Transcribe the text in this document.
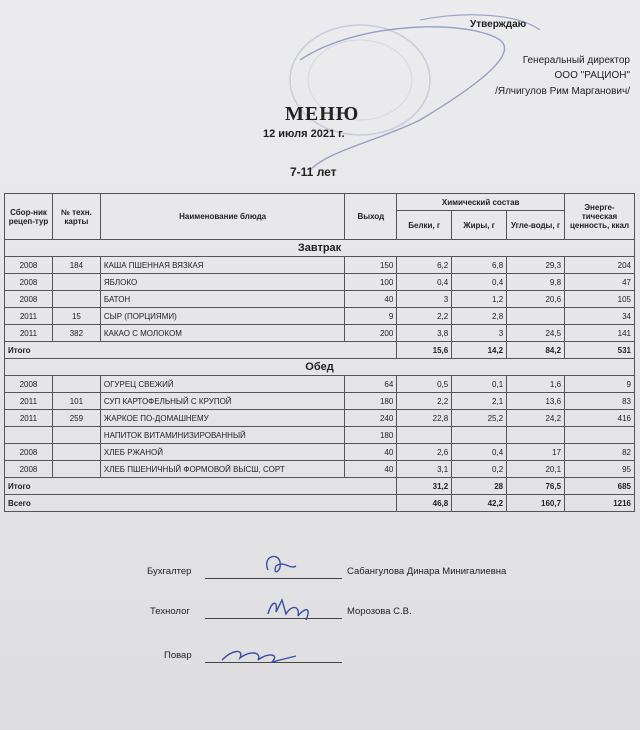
Утверждаю
Генеральный директор
ООО "РАЦИОН"
/Ялчигулов Рим Марганович/
МЕНЮ
12 июля 2021 г.
7-11 лет
Сбор-ник рецеп-тур	№ техн. карты	Наименование блюда	Выход	Химический состав			Энерге-тическая ценность, ккал
				Белки, г	Жиры, г	Угле-воды, г	
Завтрак							
2008	184	КАША ПШЕННАЯ ВЯЗКАЯ	150	6,2	6,8	29,3	204
2008		ЯБЛОКО	100	0,4	0,4	9,8	47
2008		БАТОН	40	3	1,2	20,6	105
2011	15	СЫР (ПОРЦИЯМИ)	9	2,2	2,8		34
2011	382	КАКАО С МОЛОКОМ	200	3,8	3	24,5	141
Итого				15,6	14,2	84,2	531
Обед							
2008		ОГУРЕЦ СВЕЖИЙ	64	0,5	0,1	1,6	9
2011	101	СУП КАРТОФЕЛЬНЫЙ С КРУПОЙ	180	2,2	2,1	13,6	83
2011	259	ЖАРКОЕ ПО-ДОМАШНЕМУ	240	22,8	25,2	24,2	416
		НАПИТОК ВИТАМИНИЗИРОВАННЫЙ	180				
2008		ХЛЕБ РЖАНОЙ	40	2,6	0,4	17	82
2008		ХЛЕБ ПШЕНИЧНЫЙ ФОРМОВОЙ ВЫСШ, СОРТ	40	3,1	0,2	20,1	95
Итого				31,2	28	76,5	685
Всего				46,8	42,2	160,7	1216
Бухгалтер	Сабангулова Динара Минигалиевна
Технолог	Морозова С.В.
Повар
